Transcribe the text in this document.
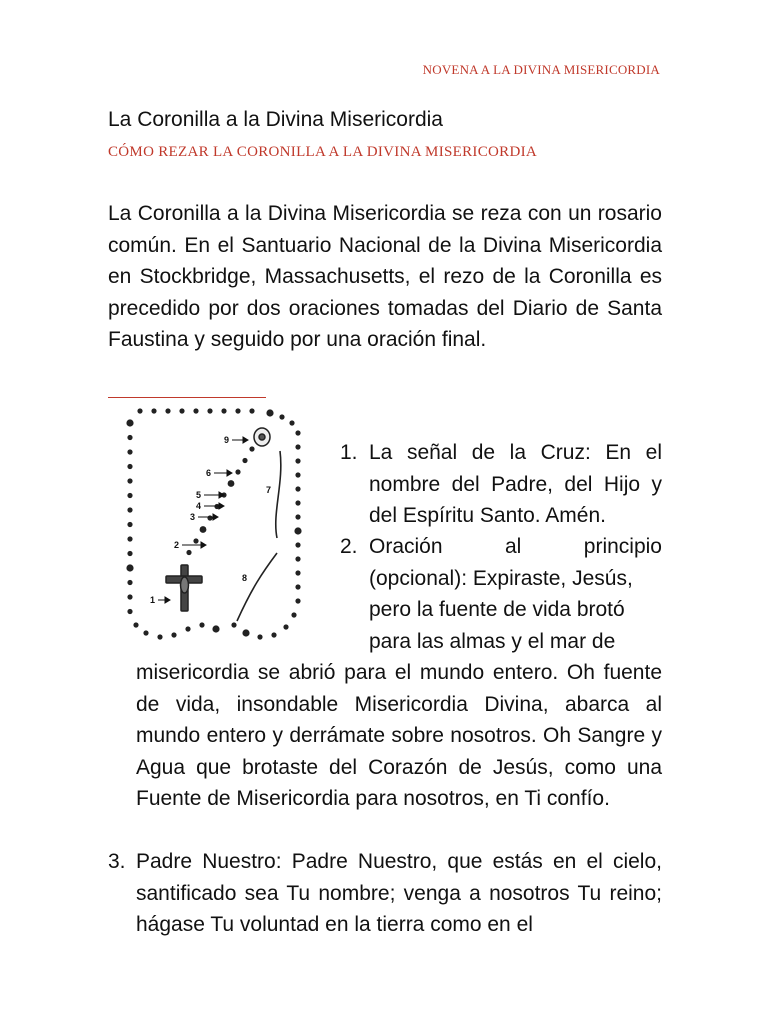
NOVENA A LA DIVINA MISERICORDIA
La Coronilla a la Divina Misericordia
CÓMO REZAR LA CORONILLA A LA DIVINA MISERICORDIA
La Coronilla a la Divina Misericordia se reza con un rosario común. En el Santuario Nacional de la Divina Misericordia en Stockbridge, Massachusetts, el rezo de la Coronilla es precedido por dos oraciones tomadas del Diario de Santa Faustina y seguido por una oración final.
9
6
5
4
3
2
1
7
8
1. La señal de la Cruz: En el nombre del Padre, del Hijo y del Espíritu Santo. Amén.
2. Oración	al	principio
(opcional): Expiraste, Jesús,
pero la fuente de vida brotó
para las almas y el mar de
misericordia se abrió para el mundo entero. Oh fuente de vida, insondable Misericordia Divina, abarca al mundo entero y derrámate sobre nosotros. Oh Sangre y Agua que brotaste del Corazón de Jesús, como una Fuente de Misericordia para nosotros, en Ti confío.
3. Padre Nuestro: Padre Nuestro, que estás en el cielo, santificado sea Tu nombre; venga a nosotros Tu reino; hágase Tu voluntad en la tierra como en el
